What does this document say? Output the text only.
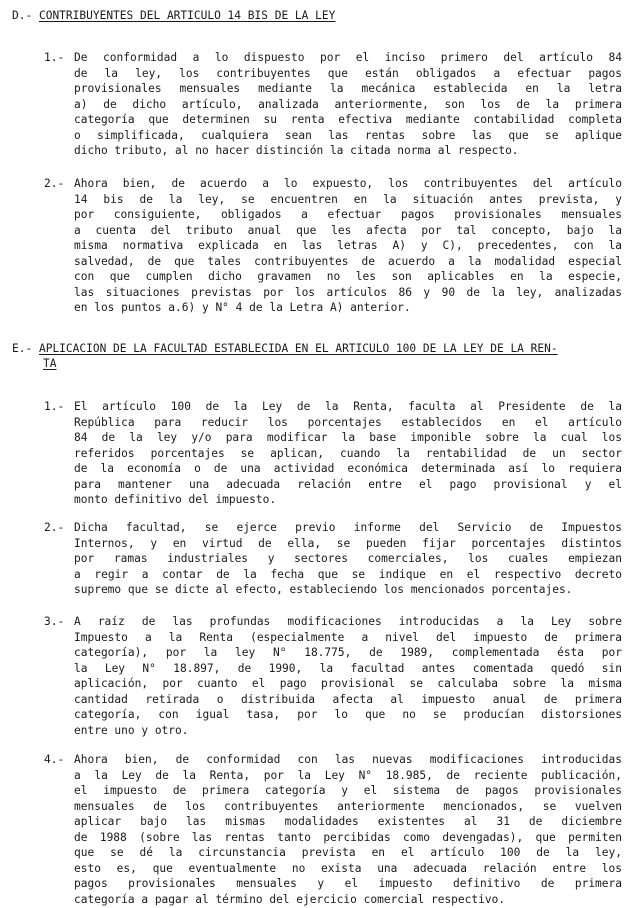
D.- CONTRIBUYENTES DEL ARTICULO 14 BIS DE LA LEY
1.- De conformidad a lo dispuesto por el inciso primero del artículo 84
de la ley, los contribuyentes que están obligados a efectuar pagos
provisionales mensuales mediante la mecánica establecida en la letra
a) de dicho artículo, analizada anteriormente, son los de la primera
categoría que determinen su renta efectiva mediante contabilidad completa
o simplificada, cualquiera sean las rentas sobre las que se aplique
dicho tributo, al no hacer distinción la citada norma al respecto.
2.- Ahora bien, de acuerdo a lo expuesto, los contribuyentes del artículo
14 bis de la ley, se encuentren en la situación antes prevista, y
por consiguiente, obligados a efectuar pagos provisionales mensuales
a cuenta del tributo anual que les afecta por tal concepto, bajo la
misma normativa explicada en las letras A) y C), precedentes, con la
salvedad, de que tales contribuyentes de acuerdo a la modalidad especial
con que cumplen dicho gravamen no les son aplicables en la especie,
las situaciones previstas por los artículos 86 y 90 de la ley, analizadas
en los puntos a.6) y N° 4 de la Letra A) anterior.
E.- APLICACION DE LA FACULTAD ESTABLECIDA EN EL ARTICULO 100 DE LA LEY DE LA REN-
TA
1.- El artículo 100 de la Ley de la Renta, faculta al Presidente de la
República para reducir los porcentajes establecidos en el artículo
84 de la ley y/o para modificar la base imponible sobre la cual los
referidos porcentajes se aplican, cuando la rentabilidad de un sector
de la economía o de una actividad económica determinada así lo requiera
para mantener una adecuada relación entre el pago provisional y el
monto definitivo del impuesto.
2.- Dicha facultad, se ejerce previo informe del Servicio de Impuestos
Internos, y en virtud de ella, se pueden fijar porcentajes distintos
por ramas industriales y sectores comerciales, los cuales empiezan
a regir a contar de la fecha que se indique en el respectivo decreto
supremo que se dicte al efecto, estableciendo los mencionados porcentajes.
3.- A raíz de las profundas modificaciones introducidas a la Ley sobre
Impuesto a la Renta (especialmente a nivel del impuesto de primera
categoría), por la ley N° 18.775, de 1989, complementada ésta por
la Ley N° 18.897, de 1990, la facultad antes comentada quedó sin
aplicación, por cuanto el pago provisional se calculaba sobre la misma
cantidad retirada o distribuida afecta al impuesto anual de primera
categoría, con igual tasa, por lo que no se producían distorsiones
entre uno y otro.
4.- Ahora bien, de conformidad con las nuevas modificaciones introducidas
a la Ley de la Renta, por la Ley N° 18.985, de reciente publicación,
el impuesto de primera categoría y el sistema de pagos provisionales
mensuales de los contribuyentes anteriormente mencionados, se vuelven
aplicar bajo las mismas modalidades existentes al 31 de diciembre
de 1988 (sobre las rentas tanto percibidas como devengadas), que permiten
que se dé la circunstancia prevista en el artículo 100 de la ley,
esto es, que eventualmente no exista una adecuada relación entre los
pagos provisionales mensuales y el impuesto definitivo de primera
categoría a pagar al término del ejercicio comercial respectivo.
